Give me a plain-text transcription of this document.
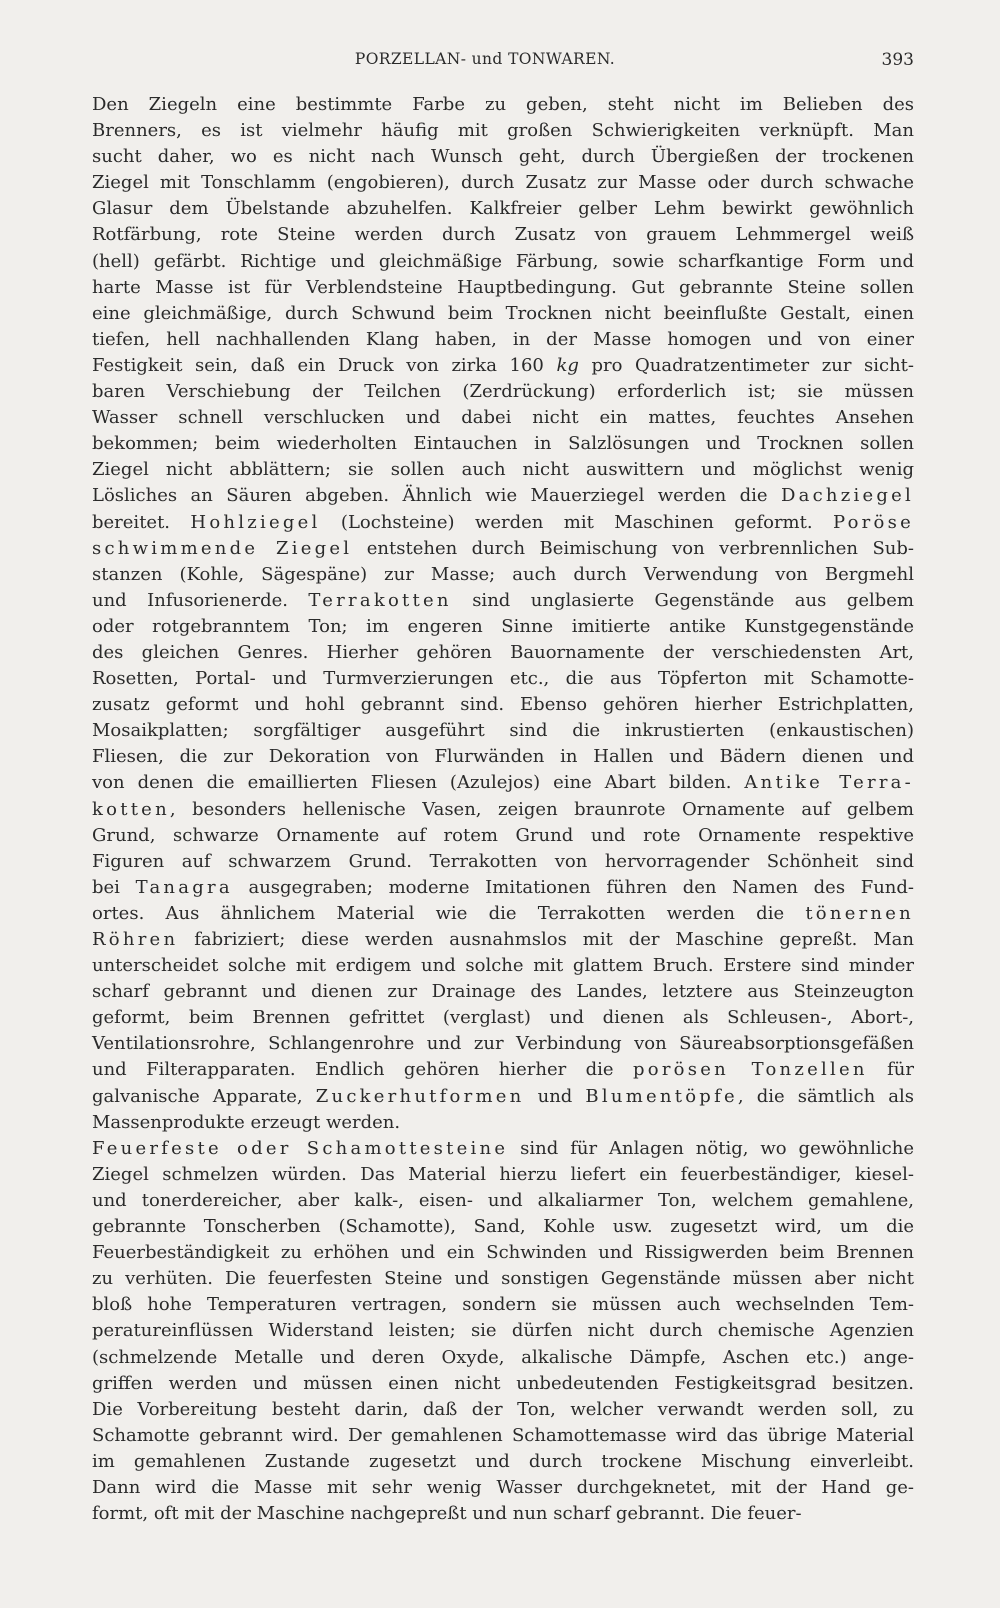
PORZELLAN- und TONWAREN.	393

Den Ziegeln eine bestimmte Farbe zu geben, steht nicht im Belieben des
Brenners, es ist vielmehr häufig mit großen Schwierigkeiten verknüpft. Man
sucht daher, wo es nicht nach Wunsch geht, durch Übergießen der trockenen
Ziegel mit Tonschlamm (engobieren), durch Zusatz zur Masse oder durch schwache
Glasur dem Übelstande abzuhelfen. Kalkfreier gelber Lehm bewirkt gewöhnlich
Rotfärbung, rote Steine werden durch Zusatz von grauem Lehmmergel weiß
(hell) gefärbt. Richtige und gleichmäßige Färbung, sowie scharfkantige Form und
harte Masse ist für Verblendsteine Hauptbedingung. Gut gebrannte Steine sollen
eine gleichmäßige, durch Schwund beim Trocknen nicht beeinflußte Gestalt, einen
tiefen, hell nachhallenden Klang haben, in der Masse homogen und von einer
Festigkeit sein, daß ein Druck von zirka 160 kg pro Quadratzentimeter zur sicht-
baren Verschiebung der Teilchen (Zerdrückung) erforderlich ist; sie müssen
Wasser schnell verschlucken und dabei nicht ein mattes, feuchtes Ansehen
bekommen; beim wiederholten Eintauchen in Salzlösungen und Trocknen sollen
Ziegel nicht abblättern; sie sollen auch nicht auswittern und möglichst wenig
Lösliches an Säuren abgeben. Ähnlich wie Mauerziegel werden die Dachziegel
bereitet. Hohlziegel (Lochsteine) werden mit Maschinen geformt. Poröse
schwimmende Ziegel entstehen durch Beimischung von verbrennlichen Sub-
stanzen (Kohle, Sägespäne) zur Masse; auch durch Verwendung von Bergmehl
und Infusorienerde. Terrakotten sind unglasierte Gegenstände aus gelbem
oder rotgebranntem Ton; im engeren Sinne imitierte antike Kunstgegenstände
des gleichen Genres. Hierher gehören Bauornamente der verschiedensten Art,
Rosetten, Portal- und Turmverzierungen etc., die aus Töpferton mit Schamotte-
zusatz geformt und hohl gebrannt sind. Ebenso gehören hierher Estrichplatten,
Mosaikplatten; sorgfältiger ausgeführt sind die inkrustierten (enkaustischen)
Fliesen, die zur Dekoration von Flurwänden in Hallen und Bädern dienen und
von denen die emaillierten Fliesen (Azulejos) eine Abart bilden. Antike Terra-
kotten, besonders hellenische Vasen, zeigen braunrote Ornamente auf gelbem
Grund, schwarze Ornamente auf rotem Grund und rote Ornamente respektive
Figuren auf schwarzem Grund. Terrakotten von hervorragender Schönheit sind
bei Tanagra ausgegraben; moderne Imitationen führen den Namen des Fund-
ortes. Aus ähnlichem Material wie die Terrakotten werden die tönernen
Röhren fabriziert; diese werden ausnahmslos mit der Maschine gepreßt. Man
unterscheidet solche mit erdigem und solche mit glattem Bruch. Erstere sind minder
scharf gebrannt und dienen zur Drainage des Landes, letztere aus Steinzeugton
geformt, beim Brennen gefrittet (verglast) und dienen als Schleusen-, Abort-,
Ventilationsrohre, Schlangenrohre und zur Verbindung von Säureabsorptionsgefäßen
und Filterapparaten. Endlich gehören hierher die porösen Tonzellen für
galvanische Apparate, Zuckerhutformen und Blumentöpfe, die sämtlich als
Massenprodukte erzeugt werden.

Feuerfeste oder Schamottesteine sind für Anlagen nötig, wo gewöhnliche
Ziegel schmelzen würden. Das Material hierzu liefert ein feuerbeständiger, kiesel-
und tonerdereicher, aber kalk-, eisen- und alkaliarmer Ton, welchem gemahlene,
gebrannte Tonscherben (Schamotte), Sand, Kohle usw. zugesetzt wird, um die
Feuerbeständigkeit zu erhöhen und ein Schwinden und Rissigwerden beim Brennen
zu verhüten. Die feuerfesten Steine und sonstigen Gegenstände müssen aber nicht
bloß hohe Temperaturen vertragen, sondern sie müssen auch wechselnden Tem-
peratureinflüssen Widerstand leisten; sie dürfen nicht durch chemische Agenzien
(schmelzende Metalle und deren Oxyde, alkalische Dämpfe, Aschen etc.) ange-
griffen werden und müssen einen nicht unbedeutenden Festigkeitsgrad besitzen.
Die Vorbereitung besteht darin, daß der Ton, welcher verwandt werden soll, zu
Schamotte gebrannt wird. Der gemahlenen Schamottemasse wird das übrige Material
im gemahlenen Zustande zugesetzt und durch trockene Mischung einverleibt.
Dann wird die Masse mit sehr wenig Wasser durchgeknetet, mit der Hand ge-
formt, oft mit der Maschine nachgepreßt und nun scharf gebrannt. Die feuer-
